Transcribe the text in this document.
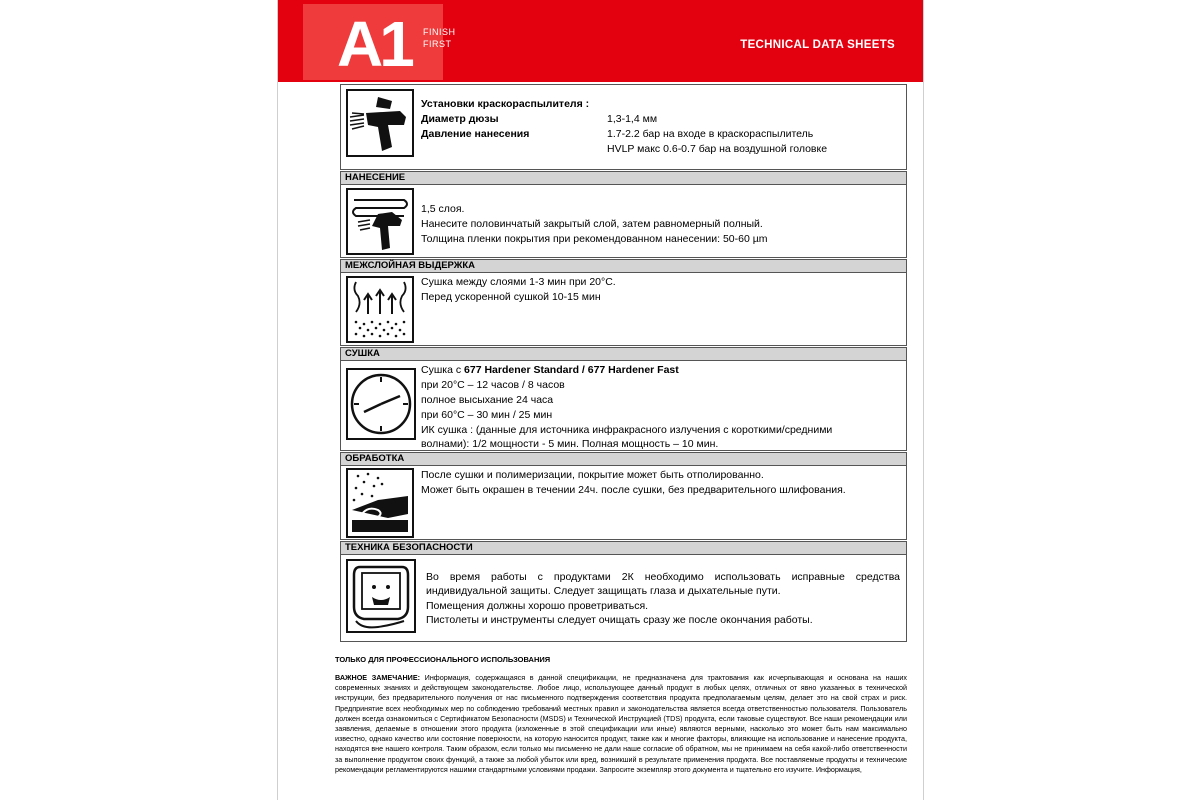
A1 FINISH
FIRST	TECHNICAL DATA SHEETS
Установки краскораспылителя :
Диаметр дюзы	1,3-1,4 мм
Давление нанесения	1.7-2.2 бар на входе в краскораспылитель
HVLP макс 0.6-0.7 бар на воздушной головке
НАНЕСЕНИЕ
1,5 слоя.
Нанесите половинчатый закрытый слой, затем равномерный полный.
Толщина пленки покрытия при рекомендованном нанесении: 50-60 µm
МЕЖСЛОЙНАЯ ВЫДЕРЖКА
Сушка между слоями 1-3 мин при 20°C.
Перед ускоренной сушкой 10-15 мин
СУШКА
Сушка с 677 Hardener Standard / 677 Hardener Fast
при 20°C – 12 часов / 8 часов
полное высыхание 24 часа
при 60°C – 30 мин / 25 мин
ИК сушка : (данные для источника инфракрасного излучения с короткими/средними
волнами): 1/2 мощности - 5 мин. Полная мощность – 10 мин.
ОБРАБОТКА
После сушки и полимеризации, покрытие может быть отполированно.
Может быть окрашен в течении 24ч. после сушки, без предварительного шлифования.
ТЕХНИКА БЕЗОПАСНОСТИ
Во время работы с продуктами 2К необходимо использовать исправные средства
индивидуальной защиты. Следует защищать глаза и дыхательные пути.
Помещения должны хорошо проветриваться.
Пистолеты и инструменты следует очищать сразу же после окончания работы.
ТОЛЬКО ДЛЯ ПРОФЕССИОНАЛЬНОГО ИСПОЛЬЗОВАНИЯ
ВАЖНОЕ ЗАМЕЧАНИЕ: Информация, содержащаяся в данной спецификации, не предназначена для трактования как исчерпывающая и основана на наших современных знаниях и действующем законодательстве. Любое лицо, использующее данный продукт в любых целях, отличных от явно указанных в технической инструкции, без предварительного получения от нас письменного подтверждения соответствия продукта предполагаемым целям, делает это на свой страх и риск. Предпринятие всех необходимых мер по соблюдению требований местных правил и законодательства является всегда ответственностью пользователя. Пользователь должен всегда ознакомиться с Сертификатом Безопасности (MSDS) и Технической Инструкцией (TDS) продукта, если таковые существуют. Все наши рекомендации или заявления, делаемые в отношении этого продукта (изложенные в этой спецификации или иные) являются верными, насколько это может быть нам максимально известно, однако качество или состояние поверхности, на которую наносится продукт, также как и многие факторы, влияющие на использование и нанесение продукта, находятся вне нашего контроля. Таким образом, если только мы письменно не дали наше согласие об обратном, мы не принимаем на себя какой-либо ответственности за выполнение продуктом своих функций, а также за любой убыток или вред, возникший в результате применения продукта. Все поставляемые продукты и технические рекомендации регламентируются нашими стандартными условиями продажи. Запросите экземпляр этого документа и тщательно его изучите. Информация,
